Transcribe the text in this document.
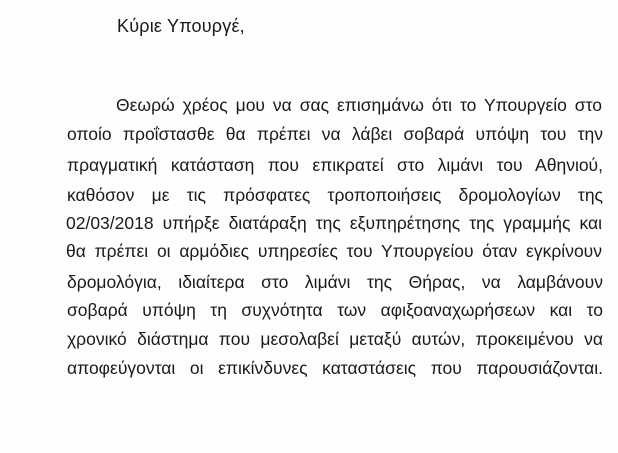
Κύριε Υπουργέ,
Θεωρώ χρέος μου να σας επισημάνω ότι το Υπουργείο στο
οποίο προΐστασθε θα πρέπει να λάβει σοβαρά υπόψη του την
πραγματική κατάσταση που επικρατεί στο λιμάνι του Αθηνιού,
καθόσον με τις πρόσφατες τροποποιήσεις δρομολογίων της
02/03/2018 υπήρξε διατάραξη της εξυπηρέτησης της γραμμής και
θα πρέπει οι αρμόδιες υπηρεσίες του Υπουργείου όταν εγκρίνουν
δρομολόγια, ιδιαίτερα στο λιμάνι της Θήρας, να λαμβάνουν
σοβαρά υπόψη τη συχνότητα των αφιξοαναχωρήσεων και το
χρονικό διάστημα που μεσολαβεί μεταξύ αυτών, προκειμένου να
αποφεύγονται οι επικίνδυνες καταστάσεις που παρουσιάζονται.
